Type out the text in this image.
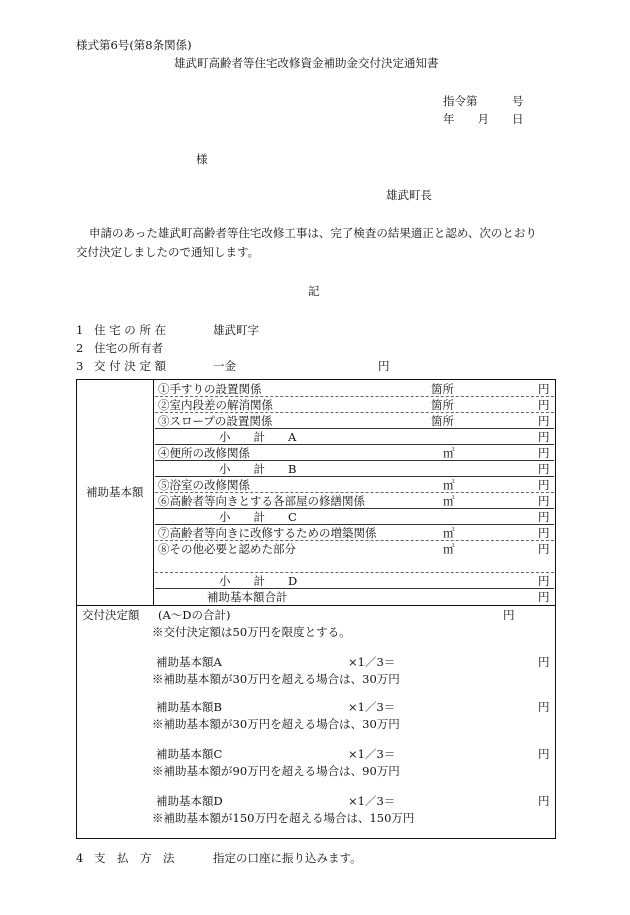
様式第6号(第8条関係)
雄武町高齢者等住宅改修資金補助金交付決定通知書
指令第　　　号
年　　月　　日
様
雄武町長
申請のあった雄武町高齢者等住宅改修工事は、完了検査の結果適正と認め、次のとおり
交付決定しましたので通知します。
記
1 住 宅 の 所 在	雄武町字
2 住宅の所有者
3 交 付 決 定 額	一金	円
補助基本額
①手すりの設置関係	箇所	円
②室内段差の解消関係	箇所	円
③スロープの設置関係	箇所	円
小　　計　　A	円
④便所の改修関係	㎡	円
小　　計　　B	円
⑤浴室の改修関係	㎡	円
⑥高齢者等向きとする各部屋の修繕関係	㎡	円
小　　計　　C	円
⑦高齢者等向きに改修するための増築関係	㎡	円
⑧その他必要と認めた部分	㎡	円
小　　計　　D	円
補助基本額合計	円
交付決定額 (A～Dの合計)	円
※交付決定額は50万円を限度とする。
補助基本額A	×1／3＝	円
※補助基本額が30万円を超える場合は、30万円
補助基本額B	×1／3＝	円
※補助基本額が30万円を超える場合は、30万円
補助基本額C	×1／3＝	円
※補助基本額が90万円を超える場合は、90万円
補助基本額D	×1／3＝	円
※補助基本額が150万円を超える場合は、150万円
4 支　払　方　法	指定の口座に振り込みます。
